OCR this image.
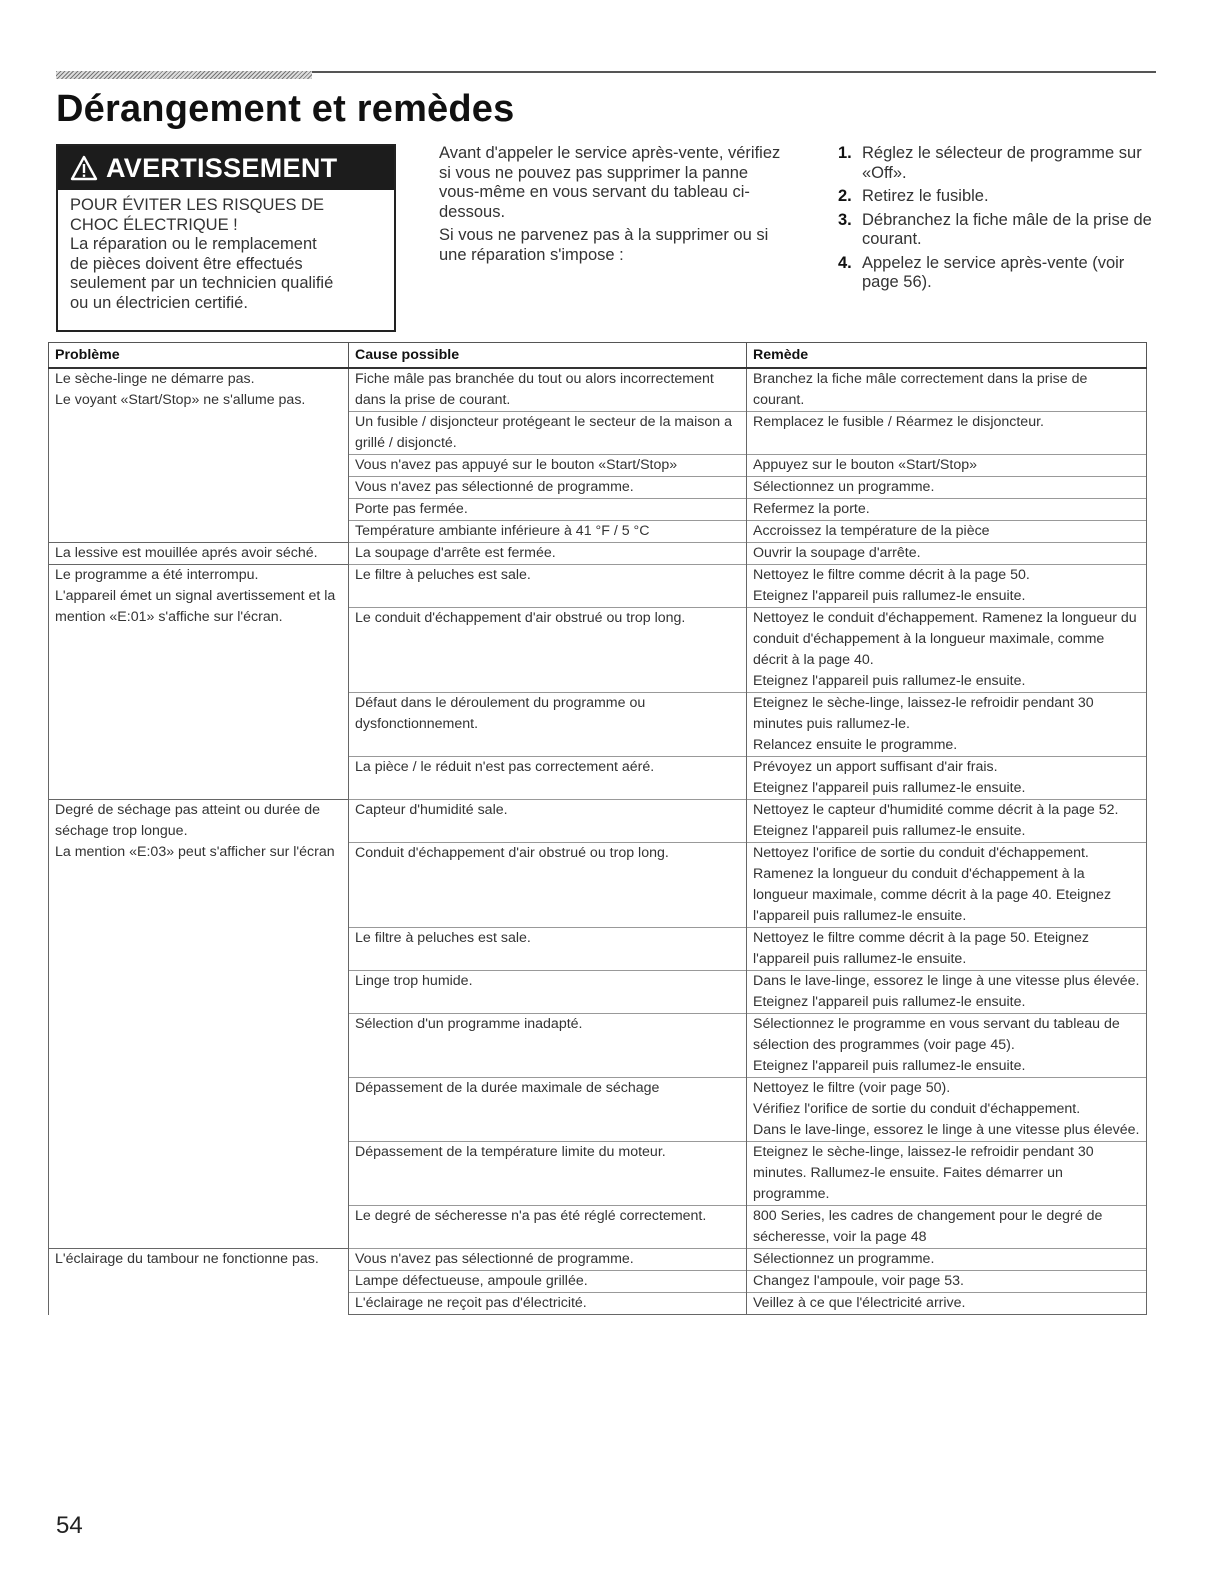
Dérangement et remèdes
AVERTISSEMENT
POUR ÉVITER LES RISQUES DE
CHOC ÉLECTRIQUE !
La réparation ou le remplacement
de pièces doivent être effectués
seulement par un technicien qualifié
ou un électricien certifié.

Avant d'appeler le service après-vente, vérifiez si vous ne pouvez pas supprimer la panne vous-même en vous servant du tableau ci-dessous.

Si vous ne parvenez pas à la supprimer ou si une réparation s'impose :

1. Réglez le sélecteur de programme sur «Off».
2. Retirez le fusible.
3. Débranchez la fiche mâle de la prise de courant.
4. Appelez le service après-vente (voir page 56).
Problème	Cause possible	Remède
Le sèche-linge ne démarre pas.
Le voyant «Start/Stop» ne s'allume pas.	Fiche mâle pas branchée du tout ou alors incorrectement dans la prise de courant.	Branchez la fiche mâle correctement dans la prise de courant.
	Un fusible / disjoncteur protégeant le secteur de la maison a grillé / disjoncté.	Remplacez le fusible / Réarmez le disjoncteur.
	Vous n'avez pas appuyé sur le bouton «Start/Stop»	Appuyez sur le bouton «Start/Stop»
	Vous n'avez pas sélectionné de programme.	Sélectionnez un programme.
	Porte pas fermée.	Refermez la porte.
	Température ambiante inférieure à 41 °F / 5 °C	Accroissez la température de la pièce
La lessive est mouillée aprés avoir séché.	La soupage d'arrête est fermée.	Ouvrir la soupage d'arrête.
Le programme a été interrompu.
L'appareil émet un signal avertissement et la mention «E:01» s'affiche sur l'écran.	Le filtre à peluches est sale.	Nettoyez le filtre comme décrit à la page 50.
Eteignez l'appareil puis rallumez-le ensuite.
	Le conduit d'échappement d'air obstrué ou trop long.	Nettoyez le conduit d'échappement. Ramenez la longueur du conduit d'échappement à la longueur maximale, comme décrit à la page 40.
Eteignez l'appareil puis rallumez-le ensuite.
	Défaut dans le déroulement du programme ou dysfonctionnement.	Eteignez le sèche-linge, laissez-le refroidir pendant 30 minutes puis rallumez-le.
Relancez ensuite le programme.
	La pièce / le réduit n'est pas correctement aéré.	Prévoyez un apport suffisant d'air frais.
Eteignez l'appareil puis rallumez-le ensuite.
Degré de séchage pas atteint ou durée de séchage trop longue.
La mention «E:03» peut s'afficher sur l'écran	Capteur d'humidité sale.	Nettoyez le capteur d'humidité comme décrit à la page 52. Eteignez l'appareil puis rallumez-le ensuite.
	Conduit d'échappement d'air obstrué ou trop long.	Nettoyez l'orifice de sortie du conduit d'échappement. Ramenez la longueur du conduit d'échappement à la longueur maximale, comme décrit à la page 40. Eteignez l'appareil puis rallumez-le ensuite.
	Le filtre à peluches est sale.	Nettoyez le filtre comme décrit à la page 50. Eteignez l'appareil puis rallumez-le ensuite.
	Linge trop humide.	Dans le lave-linge, essorez le linge à une vitesse plus élevée. Eteignez l'appareil puis rallumez-le ensuite.
	Sélection d'un programme inadapté.	Sélectionnez le programme en vous servant du tableau de sélection des programmes (voir page 45).
Eteignez l'appareil puis rallumez-le ensuite.
	Dépassement de la durée maximale de séchage	Nettoyez le filtre (voir page 50).
Vérifiez l'orifice de sortie du conduit d'échappement.
Dans le lave-linge, essorez le linge à une vitesse plus élevée.
	Dépassement de la température limite du moteur.	Eteignez le sèche-linge, laissez-le refroidir pendant 30 minutes. Rallumez-le ensuite. Faites démarrer un programme.
	Le degré de sécheresse n'a pas été réglé correctement.	800 Series, les cadres de changement pour le degré de sécheresse, voir la page 48
L'éclairage du tambour ne fonctionne pas.	Vous n'avez pas sélectionné de programme.	Sélectionnez un programme.
	Lampe défectueuse, ampoule grillée.	Changez l'ampoule, voir page 53.
	L'éclairage ne reçoit pas d'électricité.	Veillez à ce que l'électricité arrive.
54
